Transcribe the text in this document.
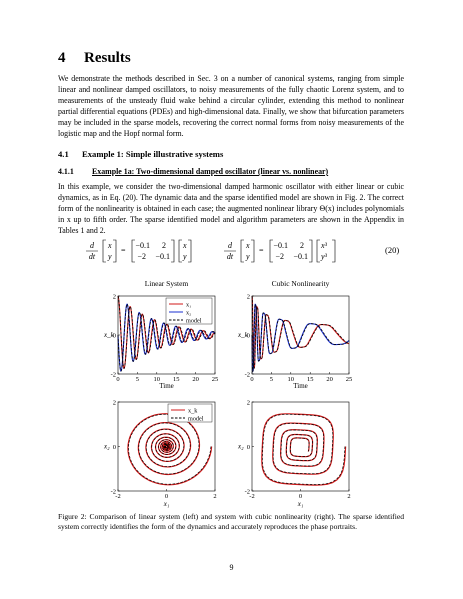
4 Results
We demonstrate the methods described in Sec. 3 on a number of canonical systems, ranging from simple linear and nonlinear damped oscillators, to noisy measurements of the fully chaotic Lorenz system, and to measurements of the unsteady fluid wake behind a circular cylinder, extending this method to nonlinear partial differential equations (PDEs) and high-dimensional data. Finally, we show that bifurcation parameters may be included in the sparse models, recovering the correct normal forms from noisy measurements of the logistic map and the Hopf normal form.
4.1 Example 1: Simple illustrative systems
4.1.1 Example 1a: Two-dimensional damped oscillator (linear vs. nonlinear)
In this example, we consider the two-dimensional damped harmonic oscillator with either linear or cubic dynamics, as in Eq. (20). The dynamic data and the sparse identified model are shown in Fig. 2. The correct form of the nonlinearity is obtained in each case; the augmented nonlinear library Θ(x) includes polynomials in x up to fifth order. The sparse identified model and algorithm parameters are shown in the Appendix in Tables 1 and 2.
d
dt
x
y
=
−0.1 2
−2 −0.1
x
y
d
dt
x
y
=
−0.1 2
−2 −0.1
x³
y³
(20)
Linear System	Cubic Nonlinearity
0 5 10 15 20 25
2
0
-2
0 5 10 15 20 25
2
0
-2
Time	Time
x_k	x_k
x₁
x₂
model
-2	0	2
2
0
-2
-2	0	2
2
0
-2
x₁	x₁
x₂	x₂
x_k
model
Figure 2: Comparison of linear system (left) and system with cubic nonlinearity (right). The sparse identified system correctly identifies the form of the dynamics and accurately reproduces the phase portraits.
9
